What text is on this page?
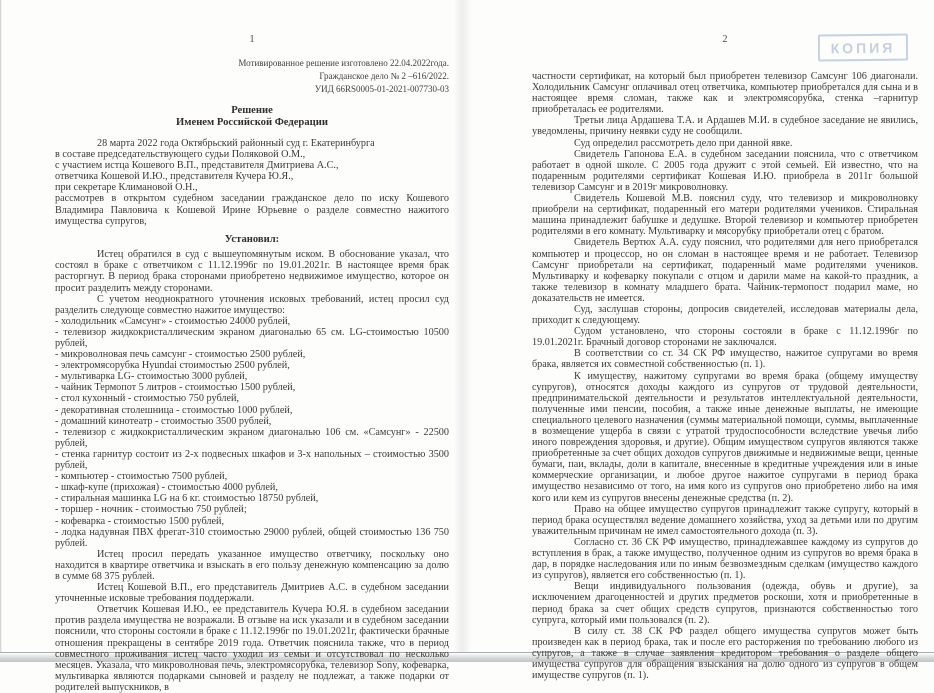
КОПИЯ
1
Мотивированное решение изготовлено 22.04.2022года.
Гражданское дело № 2 –616/2022.
УИД 66RS0005-01-2021-007730-03
Решение
Именем Российской Федерации
28 марта 2022 года Октябрьский районный суд г. Екатеринбурга
в составе председательствующего судьи Поляковой О.М.,
с участием истца Кошевого В.П., представителя Дмитриева А.С.,
ответчика Кошевой И.Ю., представителя Кучера Ю.Я.,
при секретаре Климановой О.Н.,
рассмотрев в открытом судебном заседании гражданское дело по иску Кошевого Владимира Павловича к Кошевой Ирине Юрьевне о разделе совместно нажитого имущества супругов,
Установил:

Истец обратился в суд с вышеупомянутым иском. В обоснование указал, что состоял в браке с ответчиком с 11.12.1996г по 19.01.2021г. В настоящее время брак расторгнут. В период брака сторонами приобретено недвижимое имущество, которое он просит разделить между сторонами.

С учетом неоднократного уточнения исковых требований, истец просил суд разделить следующе совместно нажитое имущество:

- холодильник «Самсунг» - стоимостью 24000 рублей,
- телевизор жидкокристаллическим экраном диагональю 65 см. LG-стоимостью 10500 рублей,
- микроволновая печь самсунг - стоимостью 2500 рублей,
- электромясорубка Hyundai стоимостью 2500 рублей,
- мультиварка LG- стоимостью 3000 рублей,
- чайник Термопот 5 литров - стоимостью 1500 рублей,
- стол кухонный - стоимостью 750 рублей,
- декоративная столешница - стоимостью 1000 рублей,
- домашний кинотеатр - стоимостью 3500 рублей,
- телевизор с жидкокристаллическим экраном диагональю 106 см. «Самсунг» - 22500 рублей,
- стенка гарнитур состоит из 2-х подвесных шкафов и 3-х напольных – стоимостью 3500 рублей,
- компьютер - стоимостью 7500 рублей,
- шкаф-купе (прихожая) - стоимостью 4000 рублей,
- стиральная машинка LG на 6 кг. стоимостью 18750 рублей,
- торшер - ночник - стоимостью 750 рублей;
- кофеварка - стоимостью 1500 рублей,
- лодка надувная ПВХ фрегат-310 стоимостью 29000 рублей, общей стоимостью 136 750 рублей.

Истец просил передать указанное имущество ответчику, поскольку оно находится в квартире ответчика и взыскать в его пользу денежную компенсацию за долю в сумме 68 375 рублей.

Истец Кошевой В.П., его представитель Дмитриев А.С. в судебном заседании уточненные исковые требования поддержали.

Ответчик Кошевая И.Ю., ее представитель Кучера Ю.Я. в судебном заседании против раздела имущества не возражали. В отзыве на иск указали и в судебном заседании пояснили, что стороны состояли в браке с 11.12.1996г по 19.01.2021г, фактически брачные отношения прекращены в сентябре 2019 года. Ответчик пояснила также, что в период совместного проживания истец часто уходил из семьи и отсутствовал по несколько месяцев. Указала, что микроволновая печь, электромясорубка, телевизор Sony, кофеварка, мультиварка являются подарками сыновей и разделу не подлежат, а также подарки от родителей выпускников, в

2

частности сертификат, на который был приобретен телевизор Самсунг 106 диагонали. Холодильник Самсунг оплачивал отец ответчика, компьютер приобретался для сына и в настоящее время сломан, также как и электромясорубка, стенка –гарнитур приобреталась ее родителями.

Третьи лица Ардашева Т.А. и Ардашев М.И. в судебное заседание не явились, уведомлены, причину неявки суду не сообщили.

Суд определил рассмотреть дело при данной явке.

Свидетель Гапонова Е.А. в судебном заседании пояснила, что с ответчиком работает в одной школе. С 2005 года дружит с этой семьей. Ей известно, что на подаренным родителями сертификат Кошевая И.Ю. приобрела в 2011г большой телевизор Самсунг и в 2019г микроволновку.

Свидетель Кошевой М.В. пояснил суду, что телевизор и микроволновку приобрели на сертификат, подаренный его матери родителями учеников. Стиральная машина принадлежит бабушке и дедушке. Второй телевизор и компьютер приобретен родителями в его комнату. Мультиварку и мясорубку приобретали отец с братом.

Свидетель Вертюх А.А. суду пояснил, что родителями для него приобретался компьютер и процессор, но он сломан в настоящее время и не работает. Телевизор Самсунг приобретали на сертификат, подаренный маме родителями учеников. Мультиварку и кофеварку покупали с отцом и дарили маме на какой-то праздник, а также телевизор в комнату младшего брата. Чайник-термопост подарил маме, но доказательств не имеется.

Суд, заслушав стороны, допросив свидетелей, исследовав материалы дела, приходит к следующему.

Судом установлено, что стороны состояли в браке с 11.12.1996г по 19.01.2021г. Брачный договор сторонами не заключался.

В соответствии со ст. 34 СК РФ имущество, нажитое супругами во время брака, является их совместной собственностью (п. 1).

К имуществу, нажитому супругами во время брака (общему имуществу супругов), относятся доходы каждого из супругов от трудовой деятельности, предпринимательской деятельности и результатов интеллектуальной деятельности, полученные ими пенсии, пособия, а также иные денежные выплаты, не имеющие специального целевого назначения (суммы материальной помощи, суммы, выплаченные в возмещение ущерба в связи с утратой трудоспособности вследствие увечья либо иного повреждения здоровья, и другие). Общим имуществом супругов являются также приобретенные за счет общих доходов супругов движимые и недвижимые вещи, ценные бумаги, паи, вклады, доли в капитале, внесенные в кредитные учреждения или в иные коммерческие организации, и любое другое нажитое супругами в период брака имущество независимо от того, на имя кого из супругов оно приобретено либо на имя кого или кем из супругов внесены денежные средства (п. 2).

Право на общее имущество супругов принадлежит также супругу, который в период брака осуществлял ведение домашнего хозяйства, уход за детьми или по другим уважительным причинам не имел самостоятельного дохода (п. 3).

Согласно ст. 36 СК РФ имущество, принадлежавшее каждому из супругов до вступления в брак, а также имущество, полученное одним из супругов во время брака в дар, в порядке наследования или по иным безвозмездным сделкам (имущество каждого из супругов), является его собственностью (п. 1).

Вещи индивидуального пользования (одежда, обувь и другие), за исключением драгоценностей и других предметов роскоши, хотя и приобретенные в период брака за счет общих средств супругов, признаются собственностью того супруга, который ими пользовался (п. 2).

В силу ст. 38 СК РФ раздел общего имущества супругов может быть произведен как в период брака, так и после его расторжения по требованию любого из супругов, а также в случае заявления кредитором требования о разделе общего имущества супругов для обращения взыскания на долю одного из супругов в общем имуществе супругов (п. 1).
